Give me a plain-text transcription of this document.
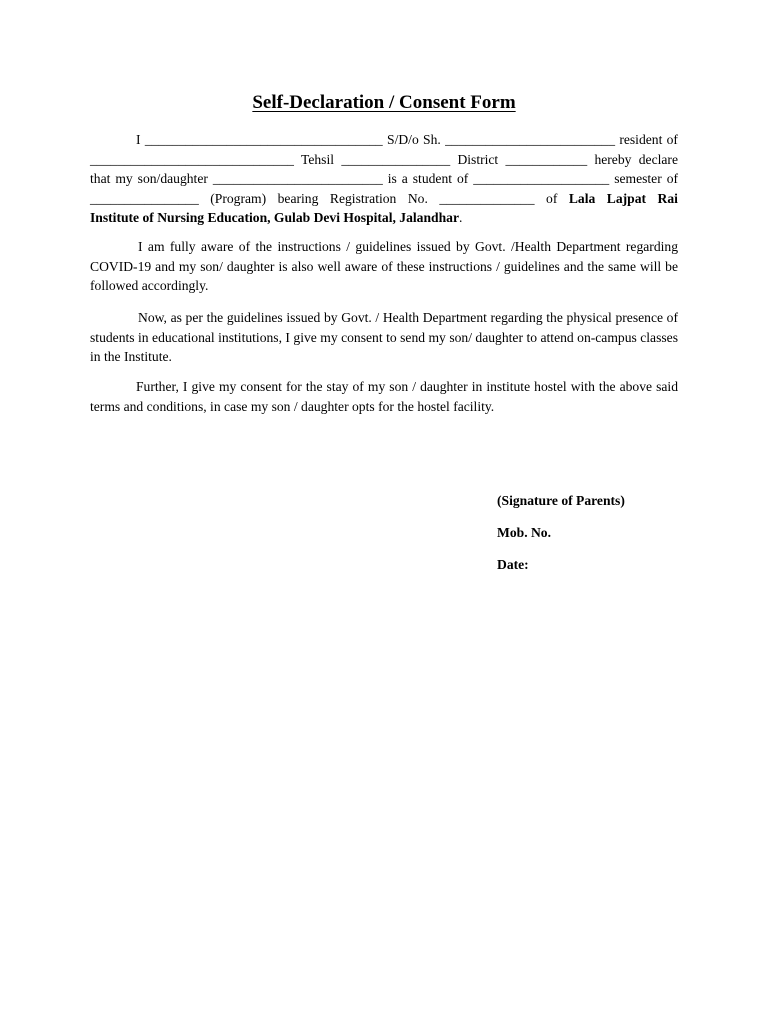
Self-Declaration / Consent Form
I ___________________________________ S/D/o Sh. _________________________ resident of
______________________________ Tehsil ________________ District ____________ hereby declare
that my son/daughter _________________________ is a student of ____________________ semester of
________________ (Program) bearing Registration No. ______________ of Lala Lajpat Rai
Institute of Nursing Education, Gulab Devi Hospital, Jalandhar.

I am fully aware of the instructions / guidelines issued by Govt. /Health Department regarding COVID-19 and my son/ daughter is also well aware of these instructions / guidelines and the same will be followed accordingly.

Now, as per the guidelines issued by Govt. / Health Department regarding the physical presence of students in educational institutions, I give my consent to send my son/ daughter to attend on-campus classes in the Institute.

Further, I give my consent for the stay of my son / daughter in institute hostel with the above said terms and conditions, in case my son / daughter opts for the hostel facility.

(Signature of Parents)
Mob. No.
Date:
